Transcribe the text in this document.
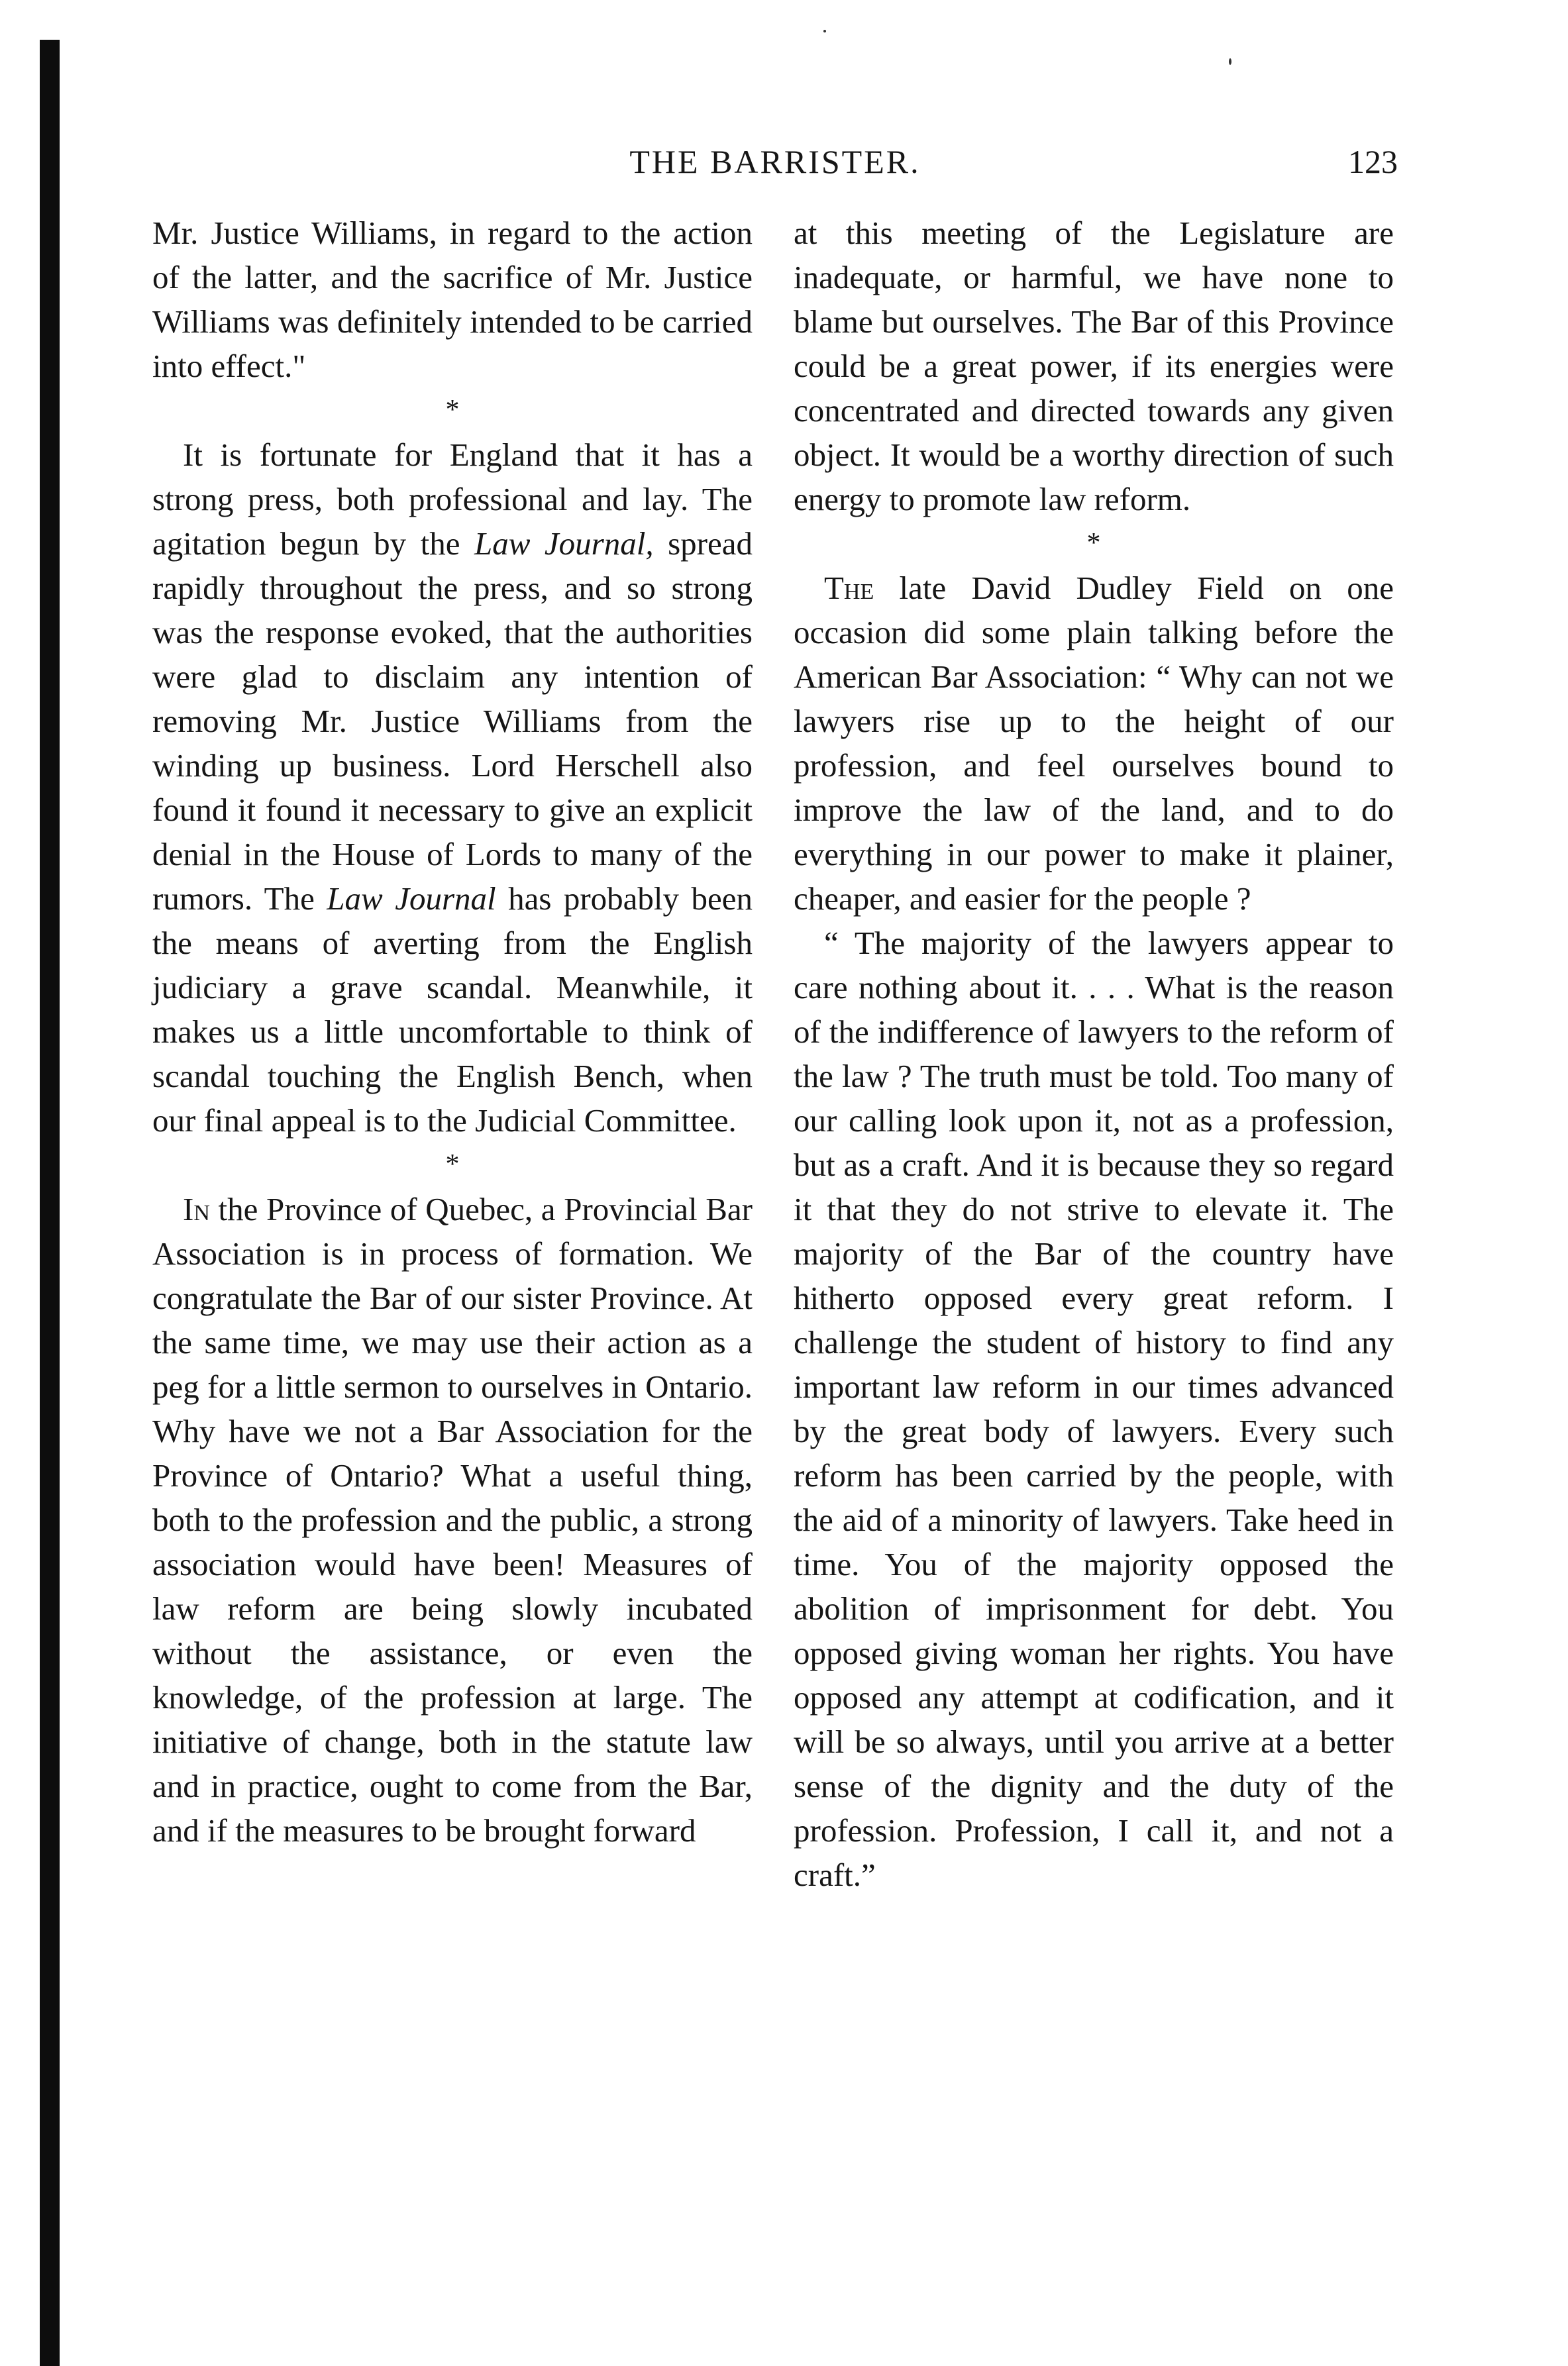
THE BARRISTER.	123

Mr. Justice Williams, in regard to the action of the latter, and the sacrifice of Mr. Justice Williams was definitely intended to be carried into effect."

*

It is fortunate for England that it has a strong press, both professional and lay. The agitation begun by the Law Journal, spread rapidly throughout the press, and so strong was the response evoked, that the authorities were glad to disclaim any intention of removing Mr. Justice Williams from the winding up business. Lord Herschell also found it found it necessary to give an explicit denial in the House of Lords to many of the rumors. The Law Journal has probably been the means of averting from the English judiciary a grave scandal. Meanwhile, it makes us a little uncomfortable to think of scandal touching the English Bench, when our final appeal is to the Judicial Committee.

*

In the Province of Quebec, a Provincial Bar Association is in process of formation. We congratulate the Bar of our sister Province. At the same time, we may use their action as a peg for a little sermon to ourselves in Ontario. Why have we not a Bar Association for the Province of Ontario? What a useful thing, both to the profession and the public, a strong association would have been! Measures of law reform are being slowly incubated without the assistance, or even the knowledge, of the profession at large. The initiative of change, both in the statute law and in practice, ought to come from the Bar, and if the measures to be brought forward

at this meeting of the Legislature are inadequate, or harmful, we have none to blame but ourselves. The Bar of this Province could be a great power, if its energies were concentrated and directed towards any given object. It would be a worthy direction of such energy to promote law reform.

*

The late David Dudley Field on one occasion did some plain talking before the American Bar Association: “ Why can not we lawyers rise up to the height of our profession, and feel ourselves bound to improve the law of the land, and to do everything in our power to make it plainer, cheaper, and easier for the people ?

“ The majority of the lawyers appear to care nothing about it. . . . What is the reason of the indifference of lawyers to the reform of the law ? The truth must be told. Too many of our calling look upon it, not as a profession, but as a craft. And it is because they so regard it that they do not strive to elevate it. The majority of the Bar of the country have hitherto opposed every great reform. I challenge the student of history to find any important law reform in our times advanced by the great body of lawyers. Every such reform has been carried by the people, with the aid of a minority of lawyers. Take heed in time. You of the majority opposed the abolition of imprisonment for debt. You opposed giving woman her rights. You have opposed any attempt at codification, and it will be so always, until you arrive at a better sense of the dignity and the duty of the profession. Profession, I call it, and not a craft.”
